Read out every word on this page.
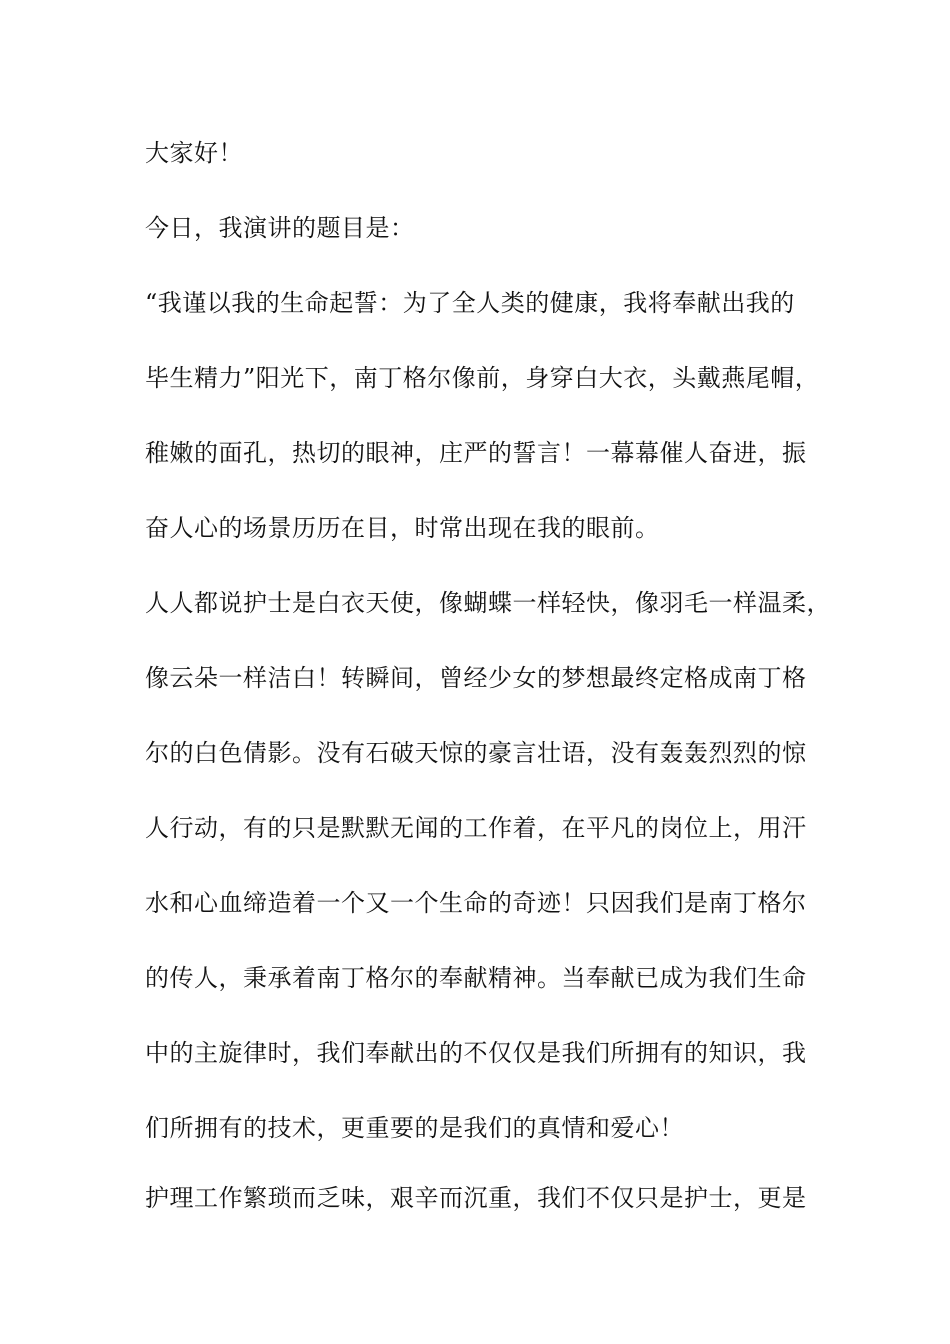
大家好！
今日，我演讲的题目是：
“我谨以我的生命起誓：为了全人类的健康，我将奉献出我的
毕生精力”阳光下，南丁格尔像前，身穿白大衣，头戴燕尾帽，
稚嫩的面孔，热切的眼神，庄严的誓言！一幕幕催人奋进，振
奋人心的场景历历在目，时常出现在我的眼前。
人人都说护士是白衣天使，像蝴蝶一样轻快，像羽毛一样温柔，
像云朵一样洁白！转瞬间，曾经少女的梦想最终定格成南丁格
尔的白色倩影。没有石破天惊的豪言壮语，没有轰轰烈烈的惊
人行动，有的只是默默无闻的工作着，在平凡的岗位上，用汗
水和心血缔造着一个又一个生命的奇迹！只因我们是南丁格尔
的传人，秉承着南丁格尔的奉献精神。当奉献已成为我们生命
中的主旋律时，我们奉献出的不仅仅是我们所拥有的知识，我
们所拥有的技术，更重要的是我们的真情和爱心！
护理工作繁琐而乏味，艰辛而沉重，我们不仅只是护士，更是
